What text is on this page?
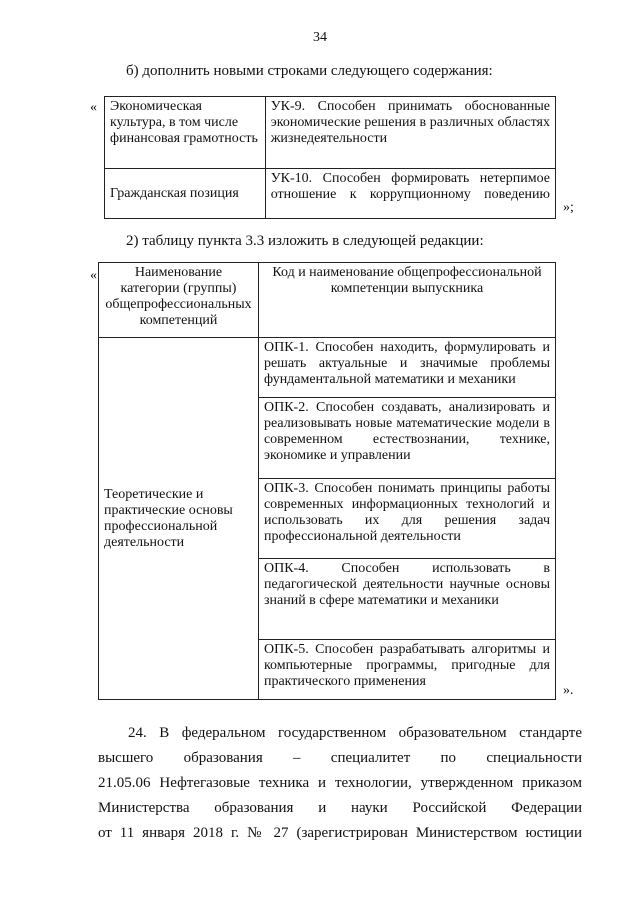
34
б) дополнить новыми строками следующего содержания:
« Экономическая культура, в том числе финансовая грамотность	УК-9. Способен принимать обоснованные экономические решения в различных областях жизнедеятельности
Гражданская позиция	УК-10. Способен формировать нетерпимое отношение к коррупционному поведению
»;
2) таблицу пункта 3.3 изложить в следующей редакции:
«	Наименование категории (группы) общепрофессиональных компетенций	Код и наименование общепрофессиональной компетенции выпускника
Теоретические и практические основы профессиональной деятельности	ОПК-1. Способен находить, формулировать и решать актуальные и значимые проблемы фундаментальной математики и механики
	ОПК-2. Способен создавать, анализировать и реализовывать новые математические модели в современном естествознании, технике, экономике и управлении
	ОПК-3. Способен понимать принципы работы современных информационных технологий и использовать их для решения задач профессиональной деятельности
	ОПК-4. Способен использовать в педагогической деятельности научные основы знаний в сфере математики и механики
	ОПК-5. Способен разрабатывать алгоритмы и компьютерные программы, пригодные для практического применения
».
24. В федеральном государственном образовательном стандарте
высшего образования – специалитет по специальности
21.05.06 Нефтегазовые техника и технологии, утвержденном приказом
Министерства образования и науки Российской Федерации
от 11 января 2018 г. № 27 (зарегистрирован Министерством юстиции
